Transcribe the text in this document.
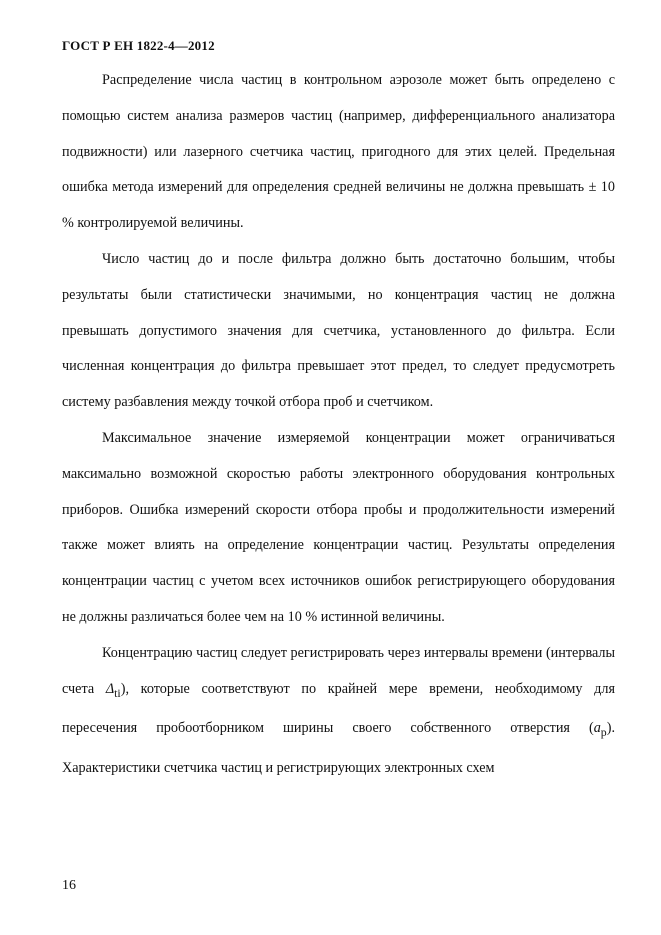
ГОСТ Р ЕН 1822-4—2012

Распределение числа частиц в контрольном аэрозоле может быть определено с помощью систем анализа размеров частиц (например, дифференциального анализатора подвижности) или лазерного счетчика частиц, пригодного для этих целей. Предельная ошибка метода измерений для определения средней величины не должна превышать ± 10 % контролируемой величины.

Число частиц до и после фильтра должно быть достаточно большим, чтобы результаты были статистически значимыми, но концентрация частиц не должна превышать допустимого значения для счетчика, установленного до фильтра. Если численная концентрация до фильтра превышает этот предел, то следует предусмотреть систему разбавления между точкой отбора проб и счетчиком.

Максимальное значение измеряемой концентрации может ограничиваться максимально возможной скоростью работы электронного оборудования контрольных приборов. Ошибка измерений скорости отбора пробы и продолжительности измерений также может влиять на определение концентрации частиц. Результаты определения концентрации частиц с учетом всех источников ошибок регистрирующего оборудования не должны различаться более чем на 10 % истинной величины.

Концентрацию частиц следует регистрировать через интервалы времени (интервалы счета $\Delta_{ti}$), которые соответствуют по крайней мере времени, необходимому для пересечения пробоотборником ширины своего собственного отверстия $(a_p)$. Характеристики счетчика частиц и регистрирующих электронных схем

16
